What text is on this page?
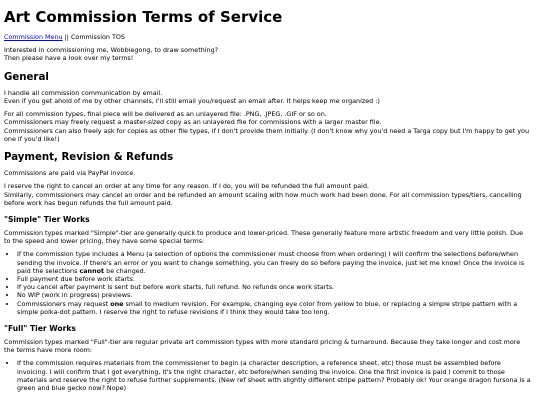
Art Commission Terms of Service
Commission Menu || Commission TOS

Interested in commissioning me, Wobbiegong, to draw something?
Then please have a look over my terms!

General

I handle all commission communication by email.
Even if you get ahold of me by other channels, I'll still email you/request an email after. It helps keep me organized :)

For all commission types, final piece will be delivered as an unlayered file: .PNG, .JPEG, .GIF or so on.
Commissioners may freely request a master-sized copy as an unlayered file for commissions with a larger master file.
Commissioners can also freely ask for copies as other file types, if I don't provide them initially. (I don't know why you'd need a Targa copy but I'm happy to get you one if you'd like!)

Payment, Revision & Refunds

Commissions are paid via PayPal invoice.

I reserve the right to cancel an order at any time for any reason. If I do, you will be refunded the full amount paid.
Similarly, commissioners may cancel an order and be refunded an amount scaling with how much work had been done. For all commission types/tiers, cancelling before work has begun refunds the full amount paid.

"Simple" Tier Works

Commission types marked "Simple"-tier are generally quick to produce and lower-priced. These generally feature more artistic freedom and very little polish. Due to the speed and lower pricing, they have some special terms:

• If the commission type includes a Menu (a selection of options the commissioner must choose from when ordering) I will confirm the selections before/when sending the invoice. If there's an error or you want to change something, you can freely do so before paying the invoice, just let me know! Once the invoice is paid the selections cannot be changed.
• Full payment due before work starts.
• If you cancel after payment is sent but before work starts, full refund. No refunds once work starts.
• No WIP (work in progress) previews.
• Commissioners may request one small to medium revision. For example, changing eye color from yellow to blue, or replacing a simple stripe pattern with a simple polka-dot pattern. I reserve the right to refuse revisions if I think they would take too long.
"Full" Tier Works

Commission types marked "Full"-tier are regular private art commission types with more standard pricing & turnaround. Because they take longer and cost more the terms have more room:

• If the commission requires materials from the commissioner to begin (a character description, a reference sheet, etc) those must be assembled before invoicing. I will confirm that I got everything, it's the right character, etc before/when sending the invoice. One the first invoice is paid I commit to those materials and reserve the right to refuse further supplements. (New ref sheet with slightly different stripe pattern? Probably ok! Your orange dragon fursona is a green and blue gecko now? Nope)
